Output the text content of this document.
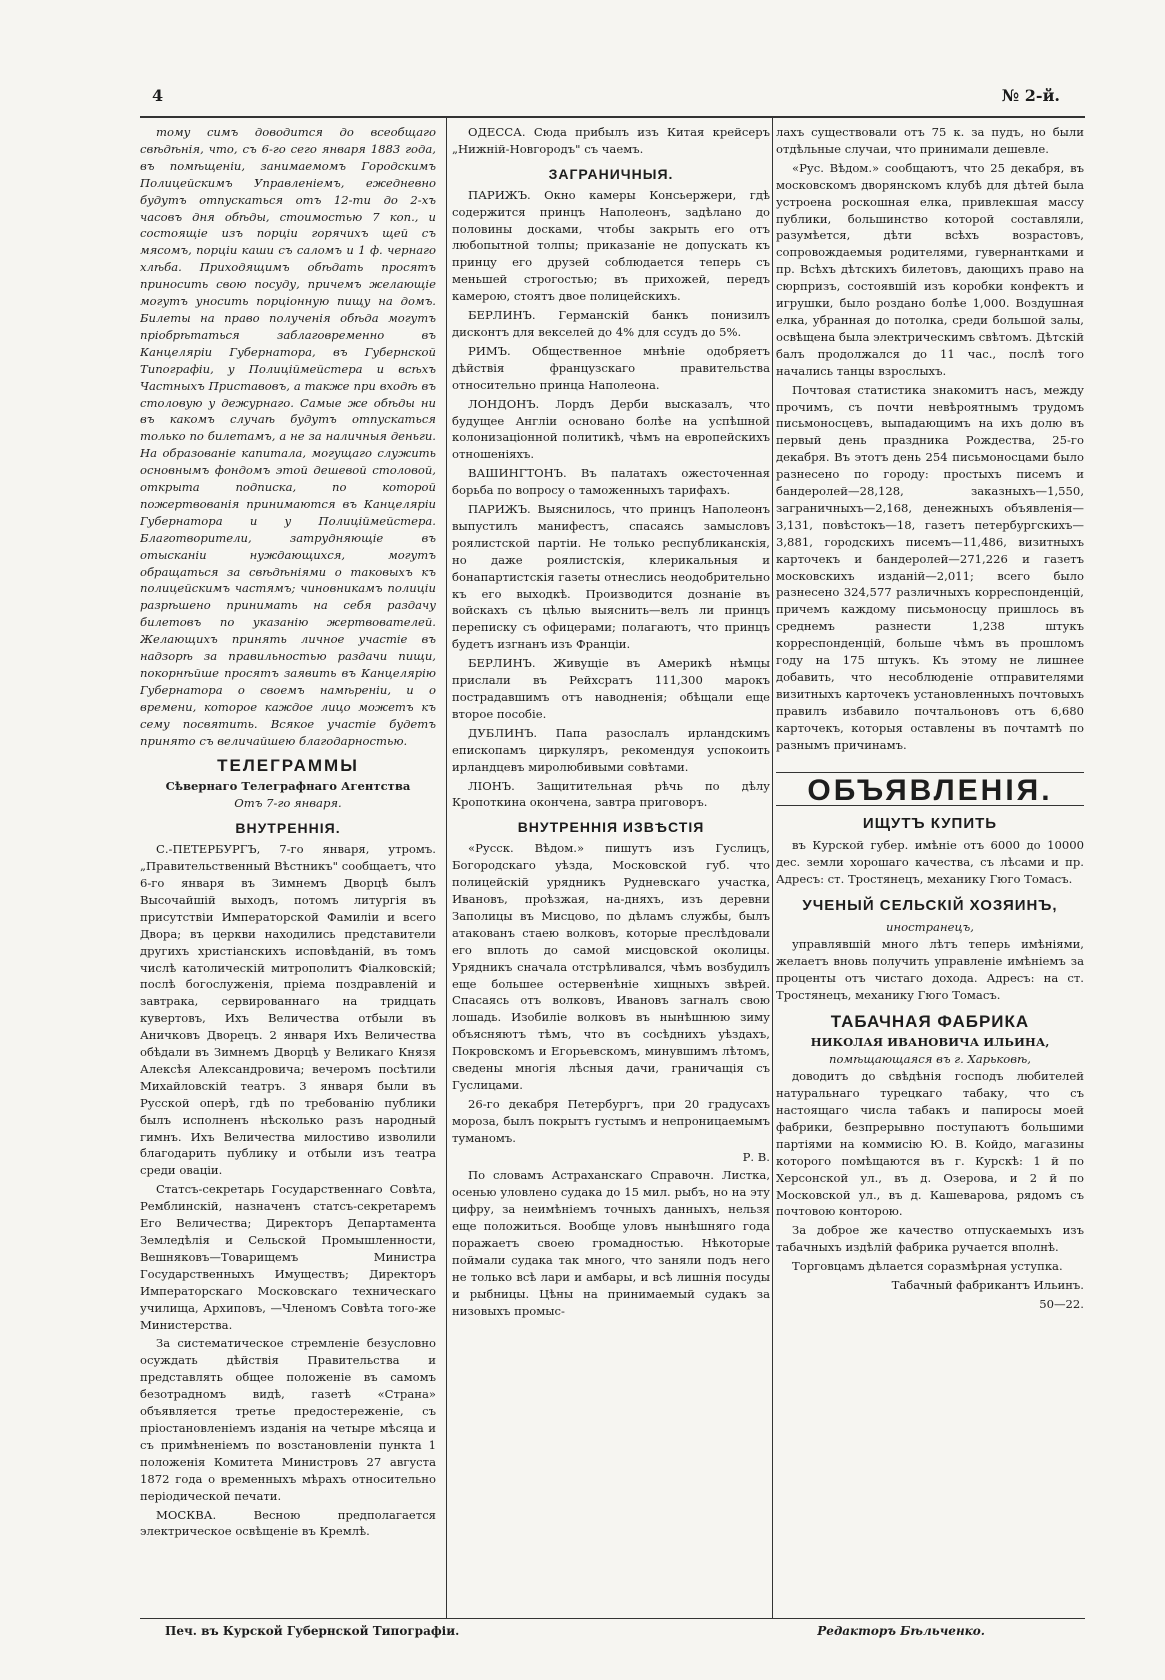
4	№ 2-й.

тому симъ доводится до всеобщаго свѣдѣнія, что, съ 6-го сего января 1883 года, въ помѣщеніи, занимаемомъ Городскимъ Полицейскимъ Управленіемъ, ежедневно будутъ отпускаться отъ 12-ти до 2-хъ часовъ дня обѣды, стоимостью 7 коп., и состоящіе изъ порціи горячихъ щей съ мясомъ, порціи каши съ саломъ и 1 ф. чернаго хлѣба. Приходящимъ обѣдать просятъ приносить свою посуду, причемъ желающіе могутъ уносить порціонную пищу на домъ. Билеты на право полученія обѣда могутъ пріобрѣтаться заблаговременно въ Канцеляріи Губернатора, въ Губернской Типографіи, у Полиціймейстера и всѣхъ Частныхъ Приставовъ, а также при входѣ въ столовую у дежурнаго. Самые же обѣды ни въ какомъ случаѣ будутъ отпускаться только по билетамъ, а не за наличныя деньги. На образованіе капитала, могущаго служить основнымъ фондомъ этой дешевой столовой, открыта подписка, по которой пожертвованія принимаются въ Канцеляріи Губернатора и у Полиціймейстера. Благотворители, затрудняющіе въ отысканіи нуждающихся, могутъ обращаться за свѣдѣніями о таковыхъ къ полицейскимъ частямъ; чиновникамъ полиціи разрѣшено принимать на себя раздачу билетовъ по указанію жертвователей. Желающихъ принять личное участіе въ надзорѣ за правильностью раздачи пищи, покорнѣйше просятъ заявить въ Канцелярію Губернатора о своемъ намѣреніи, и о времени, которое каждое лицо можетъ къ сему посвятить. Всякое участіе будетъ принято съ величайшею благодарностью.

ТЕЛЕГРАММЫ
Сѣвернаго Телеграфнаго Агентства
Отъ 7-го января.
ВНУТРЕННІЯ.

С.-ПЕТЕРБУРГЪ, 7-го января, утромъ. „Правительственный Вѣстникъ" сообщаетъ, что 6-го января въ Зимнемъ Дворцѣ былъ Высочайшій выходъ, потомъ литургія въ присутствіи Императорской Фамиліи и всего Двора; въ церкви находились представители другихъ христіанскихъ исповѣданій, въ томъ числѣ католическій митрополитъ Фіалковскій; послѣ богослуженія, пріема поздравленій и завтрака, сервированнаго на тридцать кувертовъ, Ихъ Величества отбыли въ Аничковъ Дворецъ. 2 января Ихъ Величества обѣдали въ Зимнемъ Дворцѣ у Великаго Князя Алексѣя Александровича; вечеромъ посѣтили Михайловскій театръ. 3 января были въ Русской оперѣ, гдѣ по требованію публики былъ исполненъ нѣсколько разъ народный гимнъ. Ихъ Величества милостиво изволили благодарить публику и отбыли изъ театра среди оваціи.

Статсъ-секретарь Государственнаго Совѣта, Ремблинскій, назначенъ статсъ-секретаремъ Его Величества; Директоръ Департамента Земледѣлія и Сельской Промышленности, Вешняковъ—Товарищемъ Министра Государственныхъ Имуществъ; Директоръ Императорскаго Московскаго техническаго училища, Архиповъ, —Членомъ Совѣта того-же Министерства.

За систематическое стремленіе безусловно осуждать дѣйствія Правительства и представлять общее положеніе въ самомъ безотрадномъ видѣ, газетѣ «Страна» объявляется третье предостереженіе, съ пріостановленіемъ изданія на четыре мѣсяца и съ примѣненіемъ по возстановленіи пункта 1 положенія Комитета Министровъ 27 августа 1872 года о временныхъ мѣрахъ относительно періодической печати.

МОСКВА. Весною предполагается электрическое освѣщеніе въ Кремлѣ.

ОДЕССА. Сюда прибылъ изъ Китая крейсеръ „Нижній-Новгородъ" съ чаемъ.

ЗАГРАНИЧНЫЯ.

ПАРИЖЪ. Окно камеры Консьержери, гдѣ содержится принцъ Наполеонъ, задѣлано до половины досками, чтобы закрыть его отъ любопытной толпы; приказаніе не допускать къ принцу его друзей соблюдается теперь съ меньшей строгостью; въ прихожей, передъ камерою, стоятъ двое полицейскихъ.

БЕРЛИНЪ. Германскій банкъ понизилъ дисконтъ для векселей до 4% для ссудъ до 5%.

РИМЪ. Общественное мнѣніе одобряетъ дѣйствія французскаго правительства относительно принца Наполеона.

ЛОНДОНЪ. Лордъ Дерби высказалъ, что будущее Англіи основано болѣе на успѣшной колонизаціонной политикѣ, чѣмъ на европейскихъ отношеніяхъ.

ВАШИНГТОНЪ. Въ палатахъ ожесточенная борьба по вопросу о таможенныхъ тарифахъ.

ПАРИЖЪ. Выяснилось, что принцъ Наполеонъ выпустилъ манифестъ, спасаясь замысловъ роялистской партіи. Не только республиканскія, но даже роялистскія, клерикальныя и бонапартистскія газеты отнеслись неодобрительно къ его выходкѣ. Производится дознаніе въ войскахъ съ цѣлью выяснить—велъ ли принцъ переписку съ офицерами; полагаютъ, что принцъ будетъ изгнанъ изъ Франціи.

БЕРЛИНЪ. Живущіе въ Америкѣ нѣмцы прислали въ Рейхсратъ 111,300 марокъ пострадавшимъ отъ наводненія; обѣщали еще второе пособіе.

ДУБЛИНЪ. Папа разослалъ ирландскимъ епископамъ циркуляръ, рекомендуя успокоить ирландцевъ миролюбивыми совѣтами.

ЛІОНЪ. Защитительная рѣчь по дѣлу Кропоткина окончена, завтра приговоръ.

ВНУТРЕННІЯ ИЗВѢСТІЯ

«Русск. Вѣдом.» пишутъ изъ Гуслицъ, Богородскаго уѣзда, Московской губ. что полицейскій урядникъ Рудневскаго участка, Ивановъ, проѣзжая, на-дняхъ, изъ деревни Заполицы въ Мисцово, по дѣламъ службы, былъ атакованъ стаею волковъ, которые преслѣдовали его вплоть до самой мисцовской околицы. Урядникъ сначала отстрѣливался, чѣмъ возбудилъ еще большее остервенѣніе хищныхъ звѣрей. Спасаясь отъ волковъ, Ивановъ загналъ свою лошадь. Изобиліе волковъ въ нынѣшнюю зиму объясняютъ тѣмъ, что въ сосѣднихъ уѣздахъ, Покровскомъ и Егорьевскомъ, минувшимъ лѣтомъ, сведены многія лѣсныя дачи, граничащія съ Гуслицами.

26-го декабря Петербургъ, при 20 градусахъ мороза, былъ покрытъ густымъ и непроницаемымъ туманомъ.

Р. В.

По словамъ Астраханскаго Справочн. Листка, осенью уловлено судака до 15 мил. рыбъ, но на эту цифру, за неимѣніемъ точныхъ данныхъ, нельзя еще положиться. Вообще уловъ нынѣшняго года поражаетъ своею громадностью. Нѣкоторые поймали судака так много, что заняли подъ него не только всѣ лари и амбары, и всѣ лишнія посуды и рыбницы. Цѣны на принимаемый судакъ за низовыхъ промыс-

лахъ существовали отъ 75 к. за пудъ, но были отдѣльные случаи, что принимали дешевле.

«Рус. Вѣдом.» сообщаютъ, что 25 декабря, въ московскомъ дворянскомъ клубѣ для дѣтей была устроена роскошная елка, привлекшая массу публики, большинство которой составляли, разумѣется, дѣти всѣхъ возрастовъ, сопровождаемыя родителями, гувернантками и пр. Всѣхъ дѣтскихъ билетовъ, дающихъ право на сюрпризъ, состоявшій изъ коробки конфектъ и игрушки, было роздано болѣе 1,000. Воздушная елка, убранная до потолка, среди большой залы, освѣщена была электрическимъ свѣтомъ. Дѣтскій балъ продолжался до 11 час., послѣ того начались танцы взрослыхъ.

Почтовая статистика знакомитъ насъ, между прочимъ, съ почти невѣроятнымъ трудомъ письмоносцевъ, выпадающимъ на ихъ долю въ первый день праздника Рождества, 25-го декабря. Въ этотъ день 254 письмоносцами было разнесено по городу: простыхъ писемъ и бандеролей—28,128, заказныхъ—1,550, заграничныхъ—2,168, денежныхъ объявленія—3,131, повѣстокъ—18, газетъ петербургскихъ—3,881, городскихъ писемъ—11,486, визитныхъ карточекъ и бандеролей—271,226 и газетъ московскихъ изданій—2,011; всего было разнесено 324,577 различныхъ корреспонденцій, причемъ каждому письмоносцу пришлось въ среднемъ разнести 1,238 штукъ корреспонденцій, больше чѣмъ въ прошломъ году на 175 штукъ. Къ этому не лишнее добавить, что несоблюденіе отправителями визитныхъ карточекъ установленныхъ почтовыхъ правилъ избавило почтальоновъ отъ 6,680 карточекъ, которыя оставлены въ почтамтѣ по разнымъ причинамъ.

ОБЪЯВЛЕНІЯ.
ИЩУТЪ КУПИТЬ

въ Курской губер. имѣніе отъ 6000 до 10000 дес. земли хорошаго качества, съ лѣсами и пр. Адресъ: ст. Тростянецъ, механику Гюго Томасъ.

УЧЕНЫЙ СЕЛЬСКІЙ ХОЗЯИНЪ,
иностранецъ,

управлявшій много лѣтъ теперь имѣніями, желаетъ вновь получить управленіе имѣніемъ за проценты отъ чистаго дохода. Адресъ: на ст. Тростянецъ, механику Гюго Томасъ.

ТАБАЧНАЯ ФАБРИКА
НИКОЛАЯ ИВАНОВИЧА ИЛЬИНА,
помѣщающаяся въ г. Харьковѣ,

доводитъ до свѣдѣнія господъ любителей натуральнаго турецкаго табаку, что съ настоящаго числа табакъ и папиросы моей фабрики, безпрерывно поступаютъ большими партіями на коммисію Ю. В. Койдо, магазины которого помѣщаются въ г. Курскѣ: 1 й по Херсонской ул., въ д. Озерова, и 2 й по Московской ул., въ д. Кашеварова, рядомъ съ почтовою конторою.

За доброе же качество отпускаемыхъ изъ табачныхъ издѣлій фабрика ручается вполнѣ.

Торговцамъ дѣлается соразмѣрная уступка.

Табачный фабрикантъ Ильинъ.

50—22.

Печ. въ Курской Губернской Типографіи.	Редакторъ Бѣльченко.
